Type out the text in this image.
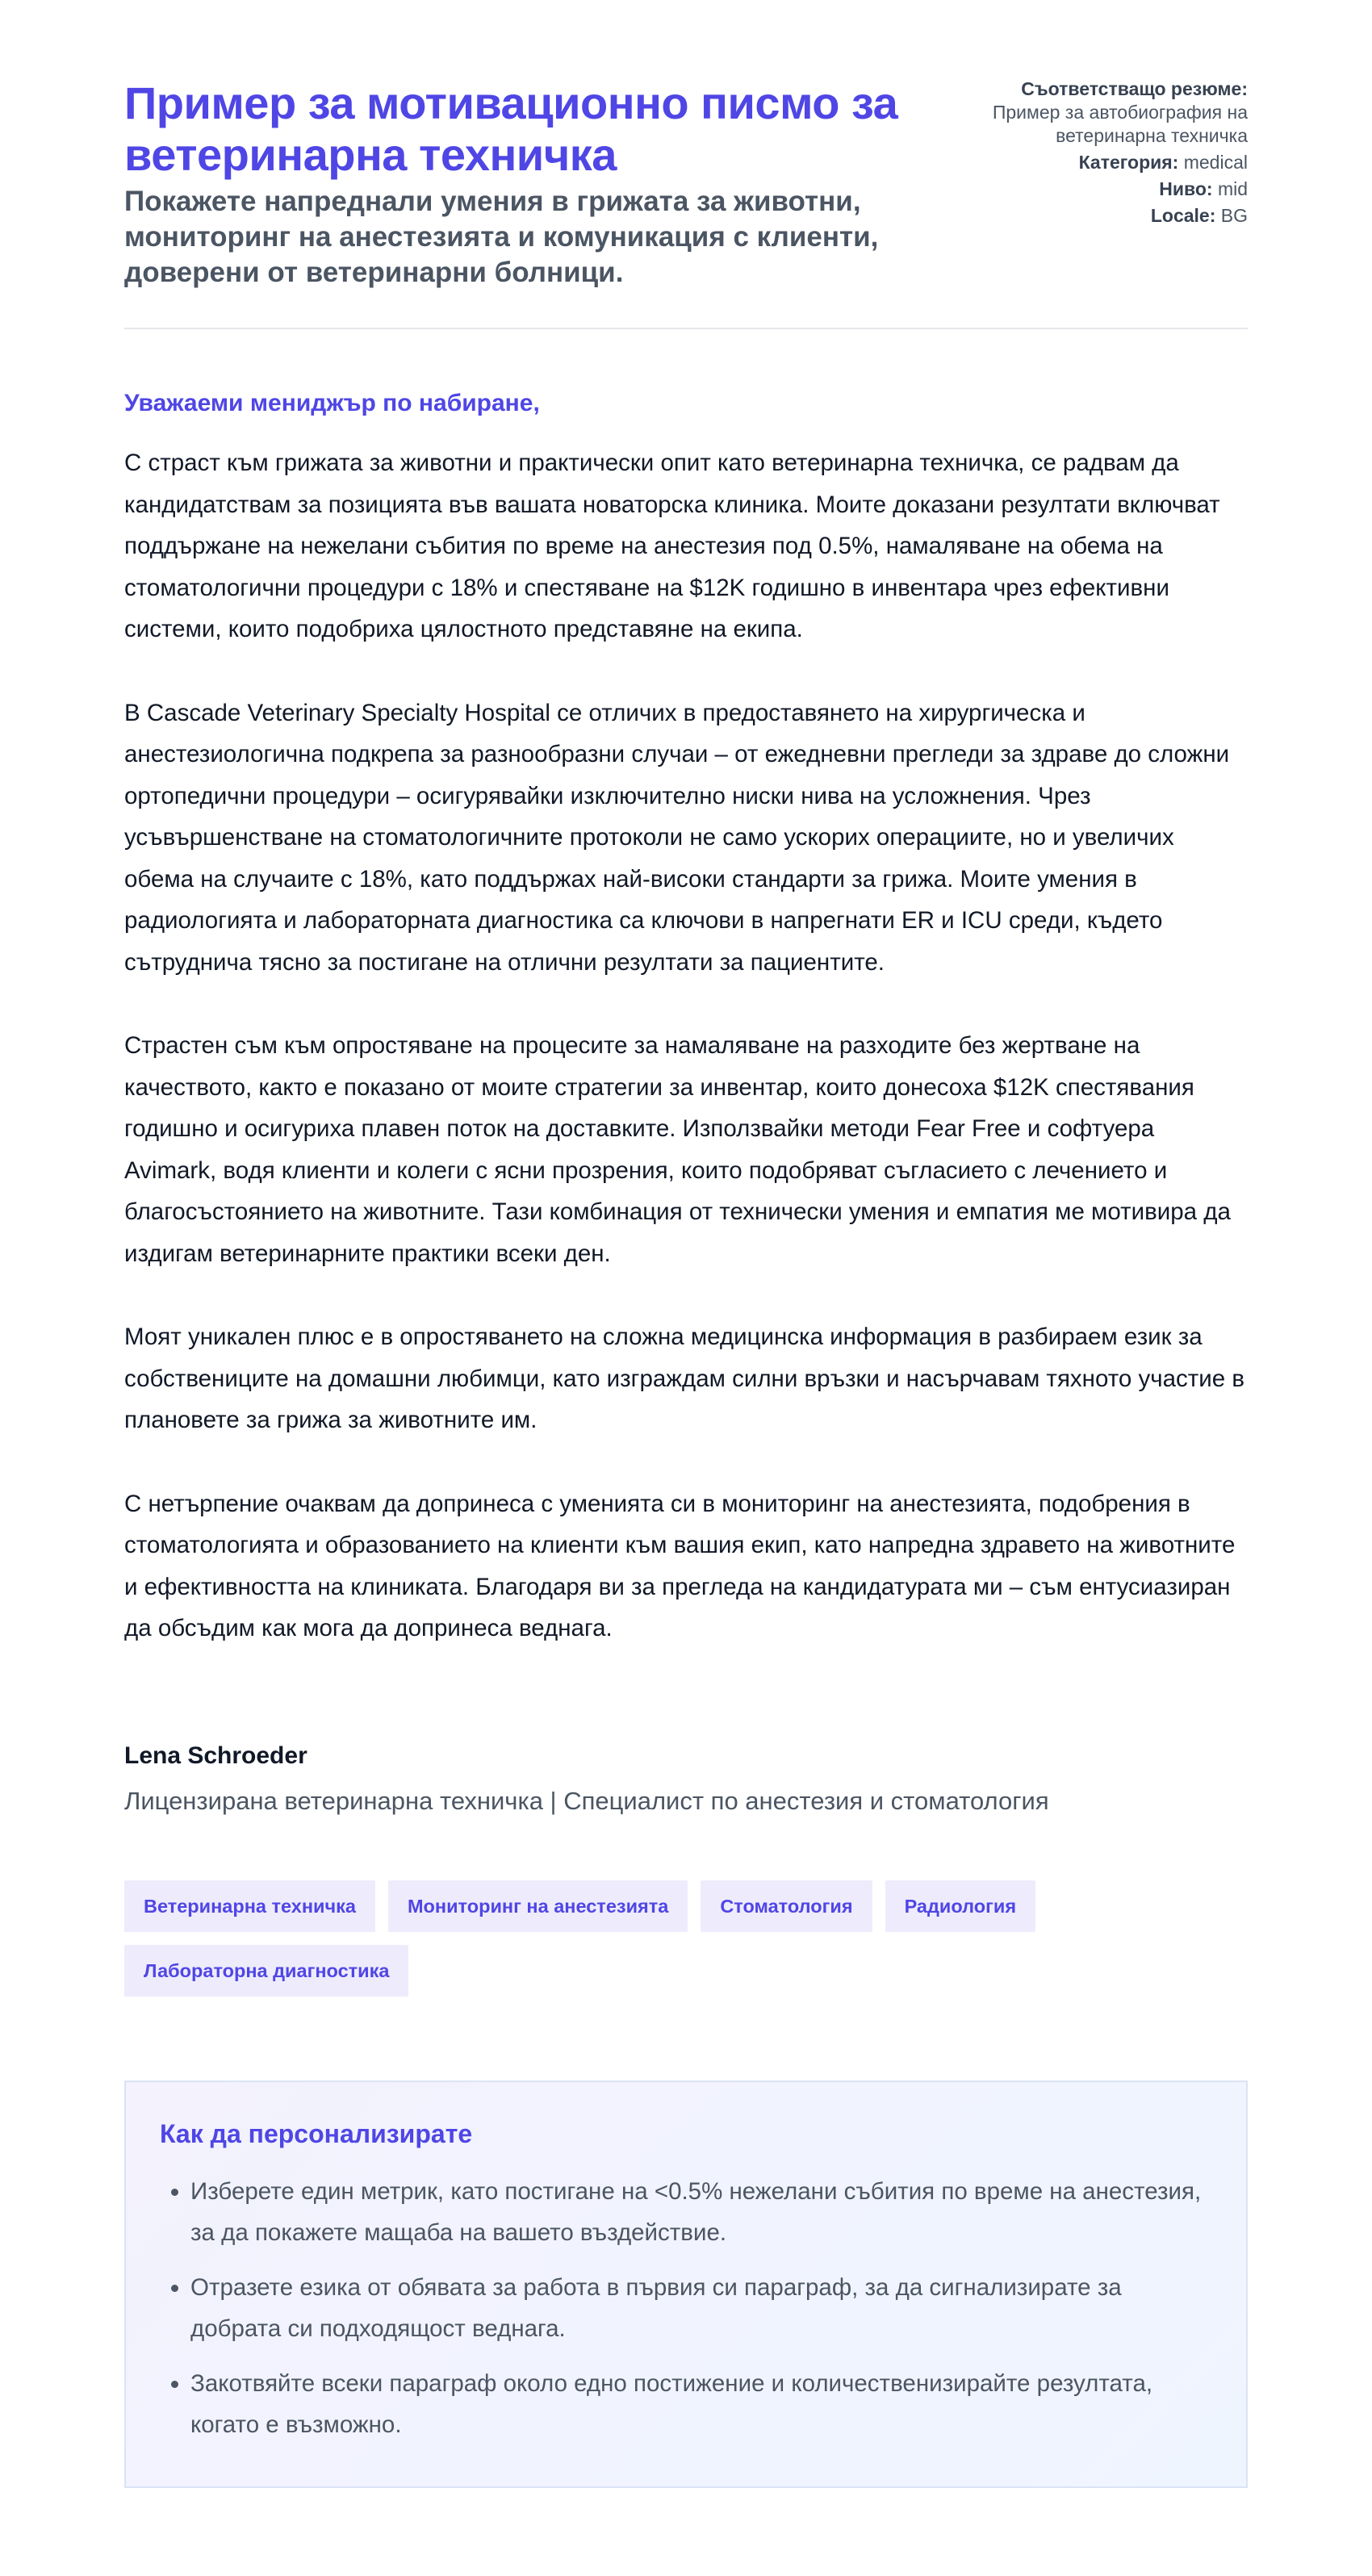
Пример за мотивационно писмо за ветеринарна техничка
Покажете напреднали умения в грижата за животни, мониторинг на анестезията и комуникация с клиенти, доверени от ветеринарни болници.
Съответстващо резюме:
Пример за автобиография на ветеринарна техничка
Категория: medical
Ниво: mid
Locale: BG

Уважаеми мениджър по набиране,

С страст към грижата за животни и практически опит като ветеринарна техничка, се радвам да кандидатствам за позицията във вашата новаторска клиника. Моите доказани резултати включват поддържане на нежелани събития по време на анестезия под 0.5%, намаляване на обема на стоматологични процедури с 18% и спестяване на $12K годишно в инвентара чрез ефективни системи, които подобриха цялостното представяне на екипа.

В Cascade Veterinary Specialty Hospital се отличих в предоставянето на хирургическа и анестезиологична подкрепа за разнообразни случаи – от ежедневни прегледи за здраве до сложни ортопедични процедури – осигурявайки изключително ниски нива на усложнения. Чрез усъвършенстване на стоматологичните протоколи не само ускорих операциите, но и увеличих обема на случаите с 18%, като поддържах най-високи стандарти за грижа. Моите умения в радиологията и лабораторната диагностика са ключови в напрегнати ER и ICU среди, където сътруднича тясно за постигане на отлични резултати за пациентите.

Страстен съм към опростяване на процесите за намаляване на разходите без жертване на качеството, както е показано от моите стратегии за инвентар, които донесоха $12K спестявания годишно и осигуриха плавен поток на доставките. Използвайки методи Fear Free и софтуера Avimark, водя клиенти и колеги с ясни прозрения, които подобряват съгласието с лечението и благосъстоянието на животните. Тази комбинация от технически умения и емпатия ме мотивира да издигам ветеринарните практики всеки ден.

Моят уникален плюс е в опростяването на сложна медицинска информация в разбираем език за собствениците на домашни любимци, като изграждам силни връзки и насърчавам тяхното участие в плановете за грижа за животните им.

С нетърпение очаквам да допринеса с уменията си в мониторинг на анестезията, подобрения в стоматологията и образованието на клиенти към вашия екип, като напредна здравето на животните и ефективността на клиниката. Благодаря ви за прегледа на кандидатурата ми – съм ентусиазиран да обсъдим как мога да допринеса веднага.

Lena Schroeder

Лицензирана ветеринарна техничка | Специалист по анестезия и стоматология

Ветеринарна техничка	Мониторинг на анестезията	Стоматология	Радиология
Лабораторна диагностика
Как да персонализирате
• Изберете един метрик, като постигане на <0.5% нежелани събития по време на анестезия, за да покажете мащаба на вашето въздействие.
• Отразете езика от обявата за работа в първия си параграф, за да сигнализирате за добрата си подходящост веднага.
• Закотвяйте всеки параграф около едно постижение и количественизирайте резултата, когато е възможно.
